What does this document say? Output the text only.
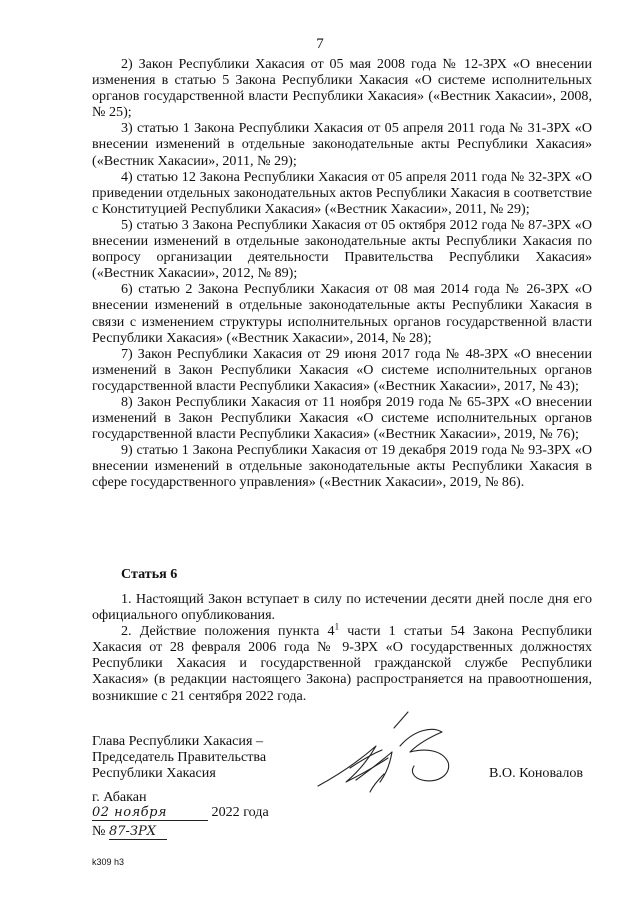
7

2) Закон Республики Хакасия от 05 мая 2008 года № 12-ЗРХ «О внесении изменения в статью 5 Закона Республики Хакасия «О системе исполнительных органов государственной власти Республики Хакасия» («Вестник Хакасии», 2008, № 25);

3) статью 1 Закона Республики Хакасия от 05 апреля 2011 года № 31-ЗРХ «О внесении изменений в отдельные законодательные акты Республики Хакасия» («Вестник Хакасии», 2011, № 29);

4) статью 12 Закона Республики Хакасия от 05 апреля 2011 года № 32-ЗРХ «О приведении отдельных законодательных актов Республики Хакасия в соответствие с Конституцией Республики Хакасия» («Вестник Хакасии», 2011, № 29);

5) статью 3 Закона Республики Хакасия от 05 октября 2012 года № 87-ЗРХ «О внесении изменений в отдельные законодательные акты Республики Хакасия по вопросу организации деятельности Правительства Республики Хакасия» («Вестник Хакасии», 2012, № 89);

6) статью 2 Закона Республики Хакасия от 08 мая 2014 года № 26-ЗРХ «О внесении изменений в отдельные законодательные акты Республики Хакасия в связи с изменением структуры исполнительных органов государственной власти Республики Хакасия» («Вестник Хакасии», 2014, № 28);

7) Закон Республики Хакасия от 29 июня 2017 года № 48-ЗРХ «О внесении изменений в Закон Республики Хакасия «О системе исполнительных органов государственной власти Республики Хакасия» («Вестник Хакасии», 2017, № 43);

8) Закон Республики Хакасия от 11 ноября 2019 года № 65-ЗРХ «О внесении изменений в Закон Республики Хакасия «О системе исполнительных органов государственной власти Республики Хакасия» («Вестник Хакасии», 2019, № 76);

9) статью 1 Закона Республики Хакасия от 19 декабря 2019 года № 93-ЗРХ «О внесении изменений в отдельные законодательные акты Республики Хакасия в сфере государственного управления» («Вестник Хакасии», 2019, № 86).

Статья 6

1. Настоящий Закон вступает в силу по истечении десяти дней после дня его официального опубликования.

2. Действие положения пункта $4^1$ части 1 статьи 54 Закона Республики Хакасия от 28 февраля 2006 года № 9-ЗРХ «О государственных должностях Республики Хакасия и государственной гражданской службе Республики Хакасия» (в редакции настоящего Закона) распространяется на правоотношения, возникшие с 21 сентября 2022 года.

Глава Республики Хакасия –
Председатель Правительства
Республики Хакасия	В.О. Коновалов
г. Абакан
02 ноября	2022 года
№ 87-ЗРХ
k309 h3
